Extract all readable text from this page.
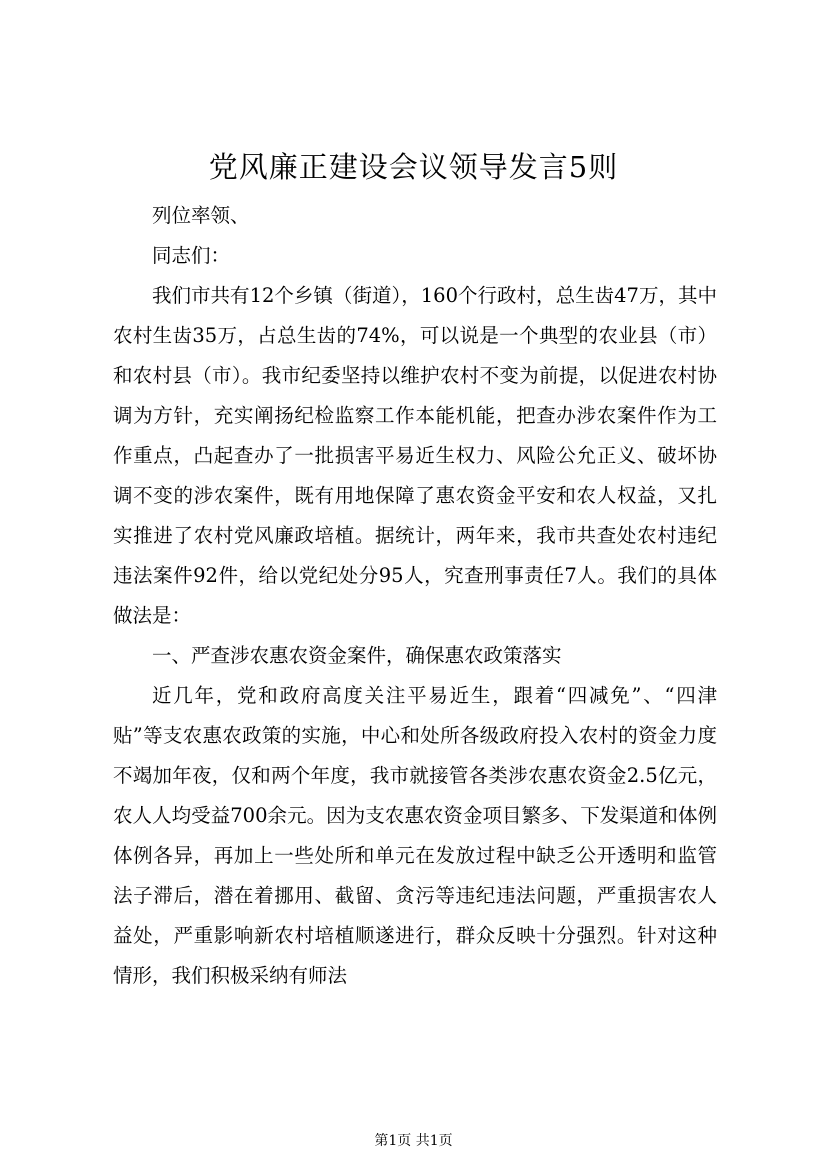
党风廉正建设会议领导发言5则

列位率领、

同志们：

我们市共有12个乡镇（街道），160个行政村，总生齿47万，其中农村生齿35万，占总生齿的74%，可以说是一个典型的农业县（市）和农村县（市）。我市纪委坚持以维护农村不变为前提，以促进农村协调为方针，充实阐扬纪检监察工作本能机能，把查办涉农案件作为工作重点，凸起查办了一批损害平易近生权力、风险公允正义、破坏协调不变的涉农案件，既有用地保障了惠农资金平安和农人权益，又扎实推进了农村党风廉政培植。据统计，两年来，我市共查处农村违纪违法案件92件，给以党纪处分95人，究查刑事责任7人。我们的具体做法是：

一、严查涉农惠农资金案件，确保惠农政策落实

近几年，党和政府高度关注平易近生，跟着“四减免”、“四津贴”等支农惠农政策的实施，中心和处所各级政府投入农村的资金力度不竭加年夜，仅和两个年度，我市就接管各类涉农惠农资金2.5亿元，农人人均受益700余元。因为支农惠农资金项目繁多、下发渠道和体例体例各异，再加上一些处所和单元在发放过程中缺乏公开透明和监管法子滞后，潜在着挪用、截留、贪污等违纪违法问题，严重损害农人益处，严重影响新农村培植顺遂进行，群众反映十分强烈。针对这种情形，我们积极采纳有师法

第1页 共1页
